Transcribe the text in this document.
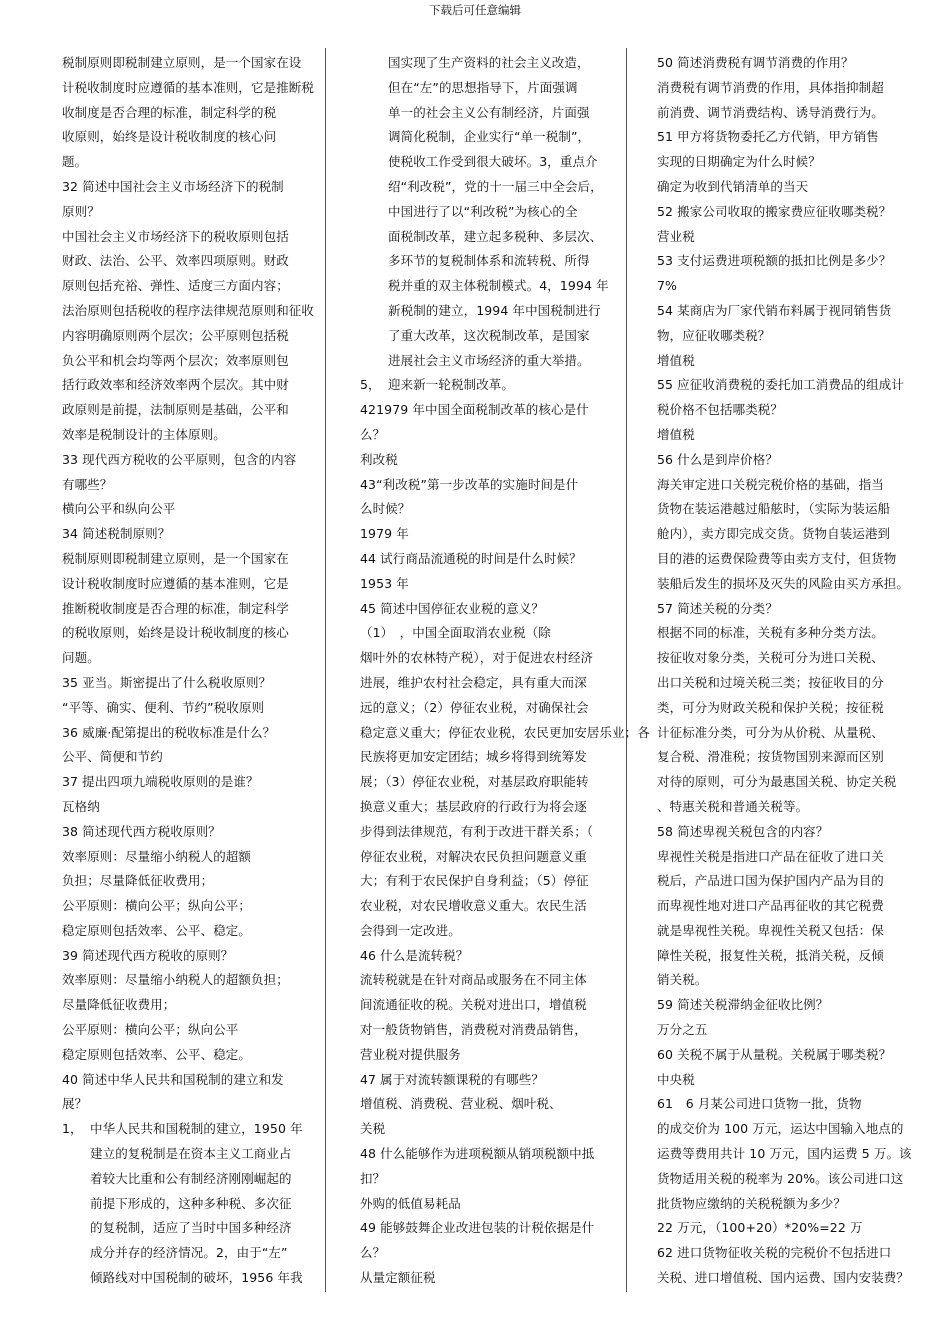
下载后可任意编辑
税制原则即税制建立原则，是一个国家在设
计税收制度时应遵循的基本准则，它是推断税
收制度是否合理的标准，制定科学的税
收原则，始终是设计税收制度的核心问
题。
32 简述中国社会主义市场经济下的税制
原则？
中国社会主义市场经济下的税收原则包括
财政、法治、公平、效率四项原则。财政
原则包括充裕、弹性、适度三方面内容；
法治原则包括税收的程序法律规范原则和征收
内容明确原则两个层次；公平原则包括税
负公平和机会均等两个层次；效率原则包
括行政效率和经济效率两个层次。其中财
政原则是前提，法制原则是基础，公平和
效率是税制设计的主体原则。
33 现代西方税收的公平原则，包含的内容
有哪些？
横向公平和纵向公平
34 简述税制原则？
税制原则即税制建立原则，是一个国家在
设计税收制度时应遵循的基本准则，它是
推断税收制度是否合理的标准，制定科学
的税收原则，始终是设计税收制度的核心
问题。
35 亚当。斯密提出了什么税收原则？
“平等、确实、便利、节约”税收原则
36 威廉·配第提出的税收标准是什么？
公平、简便和节约
37 提出四项九端税收原则的是谁？
瓦格纳
38 简述现代西方税收原则？
效率原则：尽量缩小纳税人的超额
负担；尽量降低征收费用；
公平原则：横向公平；纵向公平；
稳定原则包括效率、公平、稳定。
39 简述现代西方税收的原则？
效率原则：尽量缩小纳税人的超额负担；
尽量降低征收费用；
公平原则：横向公平；纵向公平
稳定原则包括效率、公平、稳定。
40 简述中华人民共和国税制的建立和发
展？
1， 中华人民共和国税制的建立，1950 年
建立的复税制是在资本主义工商业占
着较大比重和公有制经济刚刚崛起的
前提下形成的，这种多种税、多次征
的复税制，适应了当时中国多种经济
成分并存的经济情况。2，由于“左”
倾路线对中国税制的破坏，1956 年我
国实现了生产资料的社会主义改造，
但在“左”的思想指导下，片面强调
单一的社会主义公有制经济，片面强
调简化税制，企业实行“单一税制”，
使税收工作受到很大破坏。3，重点介
绍“利改税”，党的十一届三中全会后，
中国进行了以“利改税”为核心的全
面税制改革，建立起多税种、多层次、
多环节的复税制体系和流转税、所得
税并重的双主体税制模式。4，1994 年
新税制的建立，1994 年中国税制进行
了重大改革，这次税制改革，是国家
进展社会主义市场经济的重大举措。
5， 迎来新一轮税制改革。
421979 年中国全面税制改革的核心是什
么？
利改税
43“利改税”第一步改革的实施时间是什
么时候？
1979 年
44 试行商品流通税的时间是什么时候？
1953 年
45 简述中国停征农业税的意义？
（1）　，中国全面取消农业税（除
烟叶外的农林特产税），对于促进农村经济
进展，维护农村社会稳定，具有重大而深
远的意义；（2）停征农业税，对确保社会
稳定意义重大；停征农业税，农民更加安居乐业；各
民族将更加安定团结；城乡将得到统筹发
展；（3）停征农业税，对基层政府职能转
换意义重大；基层政府的行政行为将会逐
步得到法律规范，有利于改进干群关系；（
停征农业税，对解决农民负担问题意义重
大；有利于农民保护自身利益；（5）停征
农业税，对农民增收意义重大。农民生活
会得到一定改进。
46 什么是流转税？
流转税就是在针对商品或服务在不同主体
间流通征收的税。关税对进出口，增值税
对一般货物销售，消费税对消费品销售，
营业税对提供服务
47 属于对流转额课税的有哪些？
增值税、消费税、营业税、烟叶税、
关税
48 什么能够作为进项税额从销项税额中抵
扣？
外购的低值易耗品
49 能够鼓舞企业改进包装的计税依据是什
么？
从量定额征税
50 简述消费税有调节消费的作用？
消费税有调节消费的作用，具体指抑制超
前消费、调节消费结构、诱导消费行为。
51 甲方将货物委托乙方代销，甲方销售
实现的日期确定为什么时候？
确定为收到代销清单的当天
52 搬家公司收取的搬家费应征收哪类税？
营业税
53 支付运费进项税额的抵扣比例是多少？
7%
54 某商店为厂家代销布料属于视同销售货
物，应征收哪类税？
增值税
55 应征收消费税的委托加工消费品的组成计
税价格不包括哪类税？
增值税
56 什么是到岸价格？
海关审定进口关税完税价格的基础，指当
货物在装运港越过船舷时，（实际为装运船
舱内），卖方即完成交货。货物自装运港到
目的港的运费保险费等由卖方支付，但货物
装船后发生的损坏及灭失的风险由买方承担。
57 简述关税的分类？
根据不同的标准，关税有多种分类方法。
按征收对象分类，关税可分为进口关税、
出口关税和过境关税三类；按征收目的分
类，可分为财政关税和保护关税；按征税
计征标准分类，可分为从价税、从量税、
复合税、滑准税；按货物国别来源而区别
对待的原则，可分为最惠国关税、协定关税
、特惠关税和普通关税等。
58 简述卑视关税包含的内容？
卑视性关税是指进口产品在征收了进口关
税后，产品进口国为保护国内产品为目的
而卑视性地对进口产品再征收的其它税费
就是卑视性关税。卑视性关税又包括：保
障性关税，报复性关税，抵消关税，反倾
销关税。
59 简述关税滞纳金征收比例？
万分之五
60 关税不属于从量税。关税属于哪类税？
中央税
61　6 月某公司进口货物一批，货物
的成交价为 100 万元，运达中国输入地点的
运费等费用共计 10 万元，国内运费 5 万。该
货物适用关税的税率为 20%。该公司进口这
批货物应缴纳的关税税额为多少？
22 万元，（100+20）*20%=22 万
62 进口货物征收关税的完税价不包括进口
关税、进口增值税、国内运费、国内安装费？
